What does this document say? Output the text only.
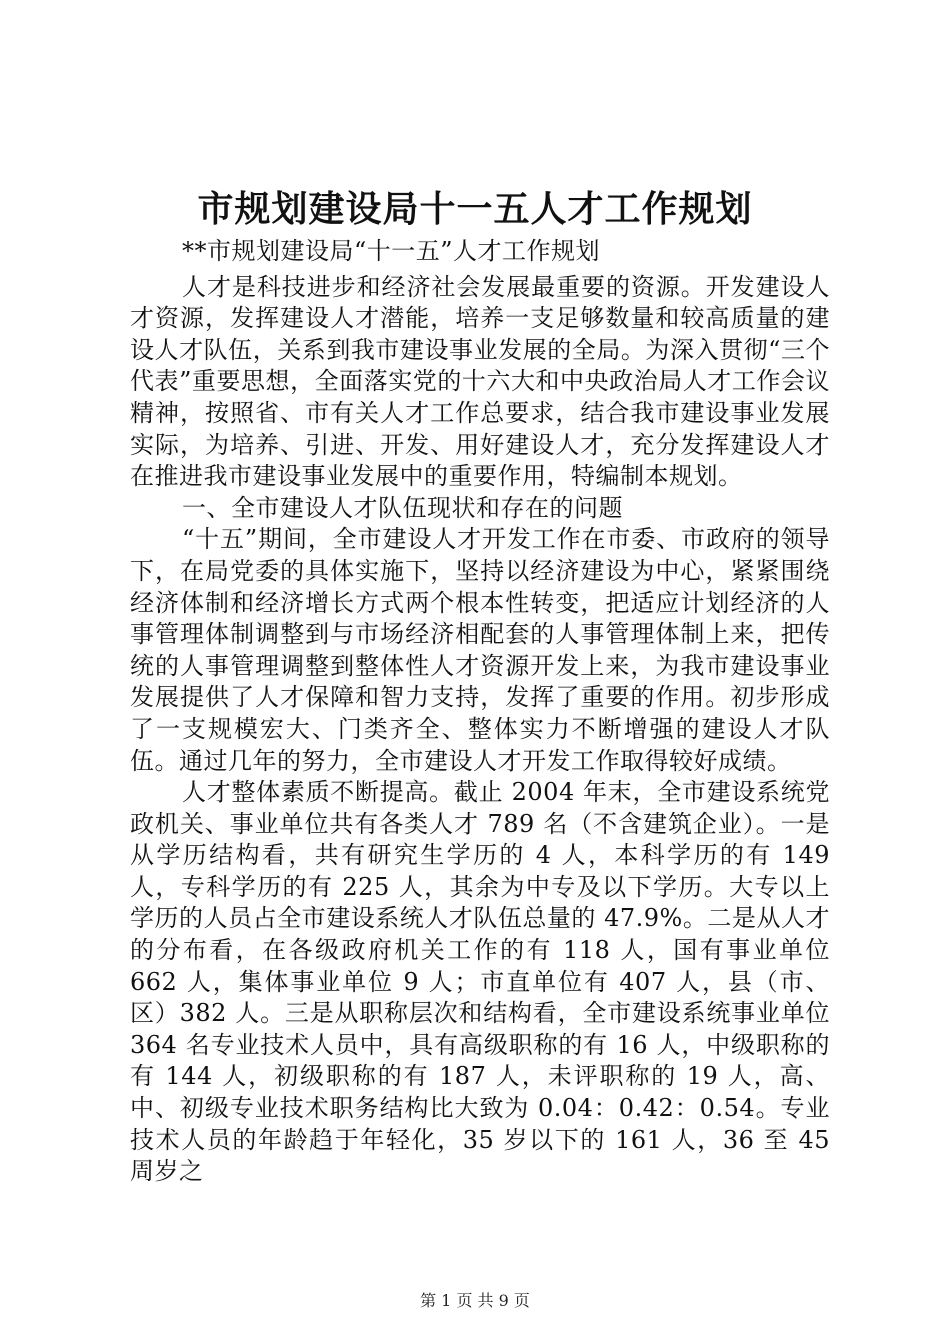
市规划建设局十一五人才工作规划

**市规划建设局“十一五”人才工作规划

人才是科技进步和经济社会发展最重要的资源。开发建设人才资源，发挥建设人才潜能，培养一支足够数量和较高质量的建设人才队伍，关系到我市建设事业发展的全局。为深入贯彻“三个代表”重要思想，全面落实党的十六大和中央政治局人才工作会议精神，按照省、市有关人才工作总要求，结合我市建设事业发展实际，为培养、引进、开发、用好建设人才，充分发挥建设人才在推进我市建设事业发展中的重要作用，特编制本规划。

一、全市建设人才队伍现状和存在的问题

“十五”期间，全市建设人才开发工作在市委、市政府的领导下，在局党委的具体实施下，坚持以经济建设为中心，紧紧围绕经济体制和经济增长方式两个根本性转变，把适应计划经济的人事管理体制调整到与市场经济相配套的人事管理体制上来，把传统的人事管理调整到整体性人才资源开发上来，为我市建设事业发展提供了人才保障和智力支持，发挥了重要的作用。初步形成了一支规模宏大、门类齐全、整体实力不断增强的建设人才队伍。通过几年的努力，全市建设人才开发工作取得较好成绩。

人才整体素质不断提高。截止 2004 年末，全市建设系统党政机关、事业单位共有各类人才 789 名（不含建筑企业）。一是从学历结构看，共有研究生学历的 4 人，本科学历的有 149 人，专科学历的有 225 人，其余为中专及以下学历。大专以上学历的人员占全市建设系统人才队伍总量的 47.9%。二是从人才的分布看，在各级政府机关工作的有 118 人，国有事业单位 662 人，集体事业单位 9 人；市直单位有 407 人，县（市、区）382 人。三是从职称层次和结构看，全市建设系统事业单位 364 名专业技术人员中，具有高级职称的有 16 人，中级职称的有 144 人，初级职称的有 187 人，未评职称的 19 人，高、中、初级专业技术职务结构比大致为 0.04：0.42：0.54。专业技术人员的年龄趋于年轻化，35 岁以下的 161 人，36 至 45 周岁之

第 1 页 共 9 页
